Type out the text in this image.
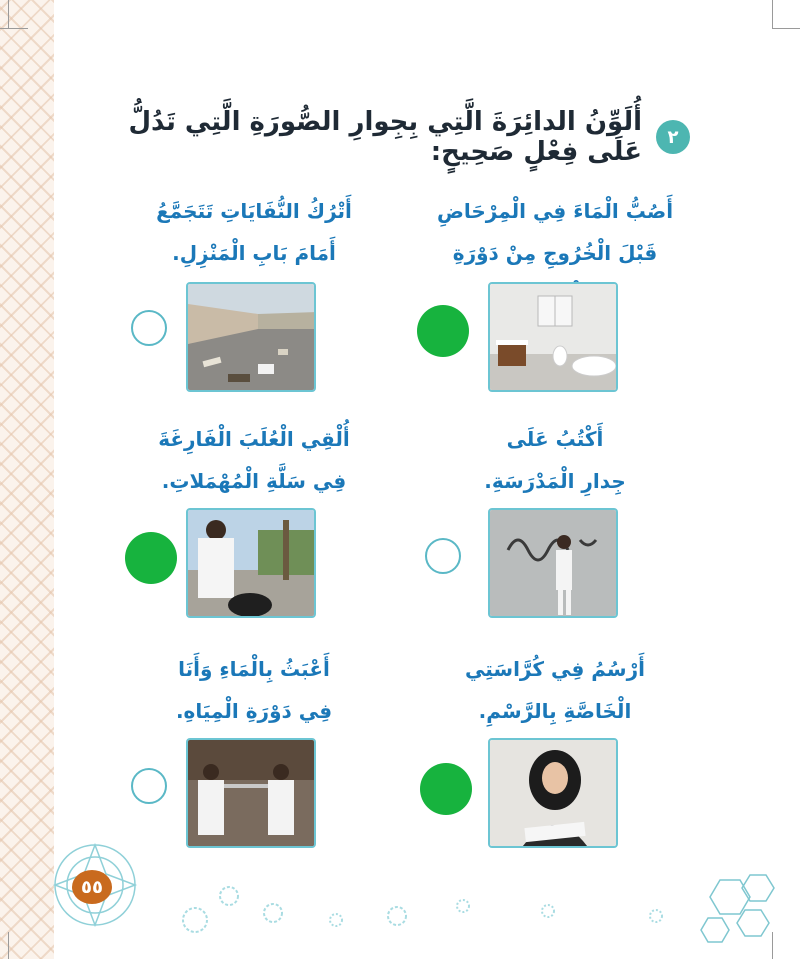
٢
أُلَوِّنُ الدائِرَةَ الَّتِي بِجِوارِ الصُّورَةِ الَّتِي تَدُلُّ عَلَى فِعْلٍ صَحِيحٍ:
أَصُبُّ الْمَاءَ فِي الْمِرْحَاضِ
قَبْلَ الْخُرُوجِ مِنْ دَوْرَةِ
أَتْرُكُ النُّفَايَاتِ تَتَجَمَّعُ
أَمَامَ بَابِ الْمَنْزِلِ.
أَكْتُبُ عَلَى
جِدارِ الْمَدْرَسَةِ.
أُلْقِي الْعُلَبَ الْفَارِغَةَ
فِي سَلَّةِ الْمُهْمَلاتِ.
أَرْسُمُ فِي كُرَّاسَتِي
الْخَاصَّةِ بِالرَّسْمِ.
أَعْبَثُ بِالْمَاءِ وَأَنَا
فِي دَوْرَةِ الْمِيَاهِ.
٥٥
